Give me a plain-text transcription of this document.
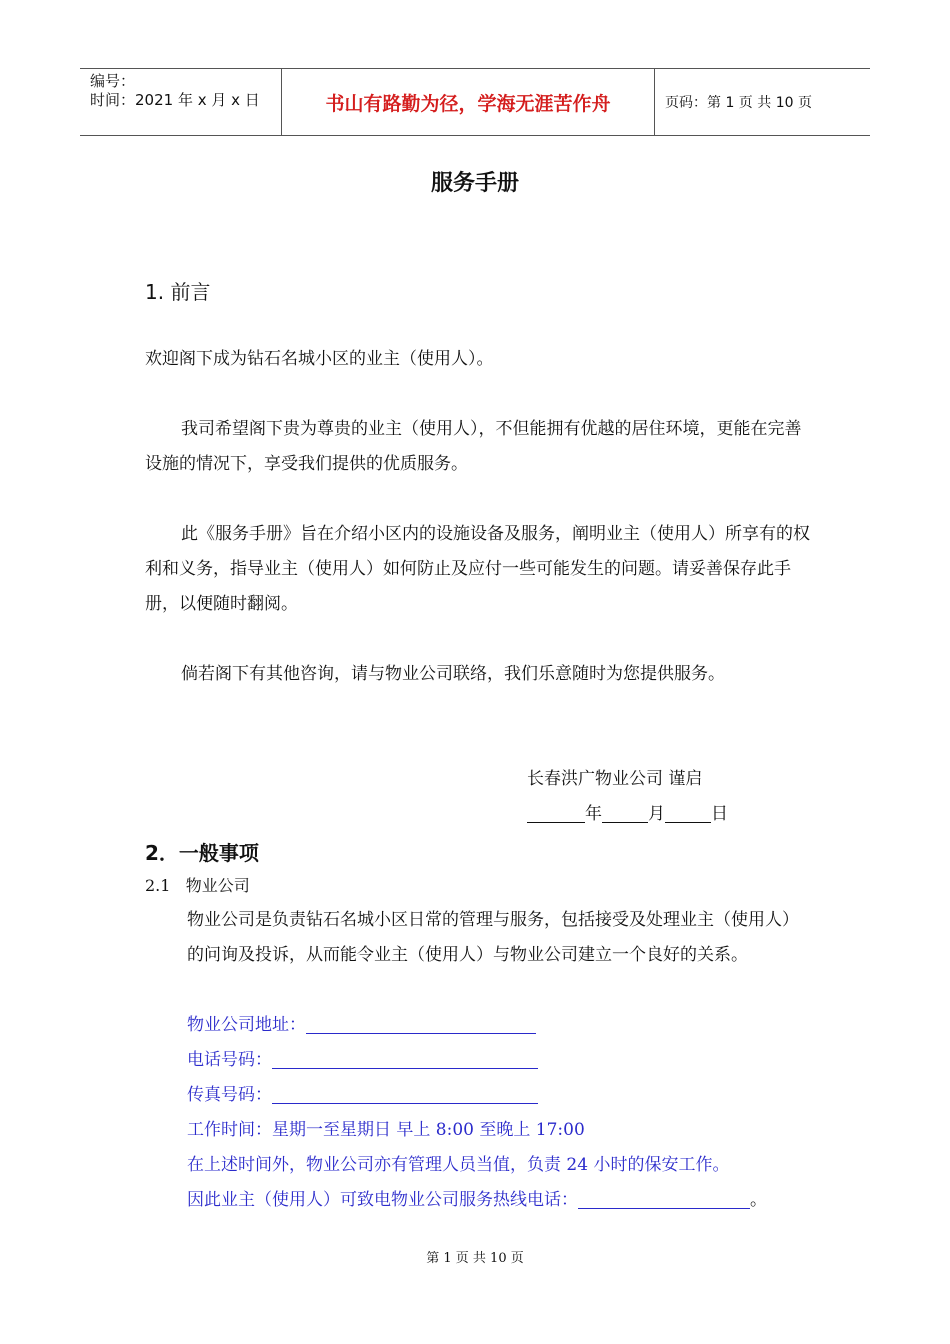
编号：
时间：2021 年 x 月 x 日	书山有路勤为径，学海无涯苦作舟	页码：第 1 页 共 10 页
服务手册
1. 前言
欢迎阁下成为钻石名城小区的业主（使用人）。
我司希望阁下贵为尊贵的业主（使用人），不但能拥有优越的居住环境，更能在完善设施的情况下，享受我们提供的优质服务。
此《服务手册》旨在介绍小区内的设施设备及服务，阐明业主（使用人）所享有的权利和义务，指导业主（使用人）如何防止及应付一些可能发生的问题。请妥善保存此手册，以便随时翻阅。
倘若阁下有其他咨询，请与物业公司联络，我们乐意随时为您提供服务。
长春洪广物业公司 谨启
年	月	日
2．一般事项
2.1 物业公司
物业公司是负责钻石名城小区日常的管理与服务，包括接受及处理业主（使用人）的问询及投诉，从而能令业主（使用人）与物业公司建立一个良好的关系。
物业公司地址：
电话号码：
传真号码：
工作时间：星期一至星期日 早上 8:00 至晚上 17:00
在上述时间外，物业公司亦有管理人员当值，负责 24 小时的保安工作。
因此业主（使用人）可致电物业公司服务热线电话：	。
第 1 页 共 10 页
